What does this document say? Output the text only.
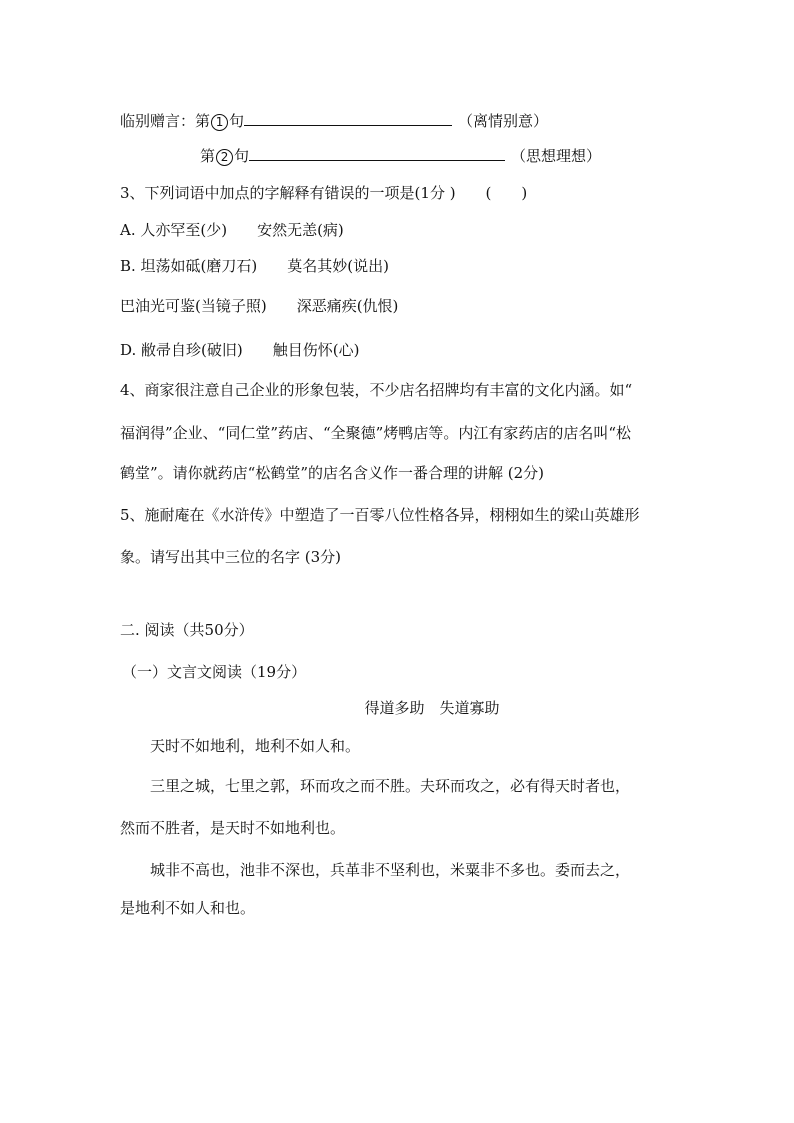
临别赠言：第 1 句	（离情别意）
第 2 句	（思想理想）
3、下列词语中加点的字解释有错误的一项是(1分 )　　(　　)
A. 人亦罕至(少)　　安然无恙(病)
B. 坦荡如砥(磨刀石)　　莫名其妙(说出)
巴油光可鉴(当镜子照)　　深恶痛疾(仇恨)
D. 敝帚自珍(破旧)　　触目伤怀(心)
4、商家很注意自己企业的形象包装，不少店名招牌均有丰富的文化内涵。如“
福润得”企业、“同仁堂”药店、“全聚德”烤鸭店等。内江有家药店的店名叫“松
鹤堂”。请你就药店“松鹤堂”的店名含义作一番合理的讲解 (2分)
5、施耐庵在《水浒传》中塑造了一百零八位性格各异，栩栩如生的梁山英雄形
象。请写出其中三位的名字 (3分)
二. 阅读（共50分）
（一）文言文阅读（19分）
得道多助　失道寡助
天时不如地利，地利不如人和。
三里之城，七里之郭，环而攻之而不胜。夫环而攻之，必有得天时者也，
然而不胜者，是天时不如地利也。
城非不高也，池非不深也，兵革非不坚利也，米粟非不多也。委而去之，
是地利不如人和也。
